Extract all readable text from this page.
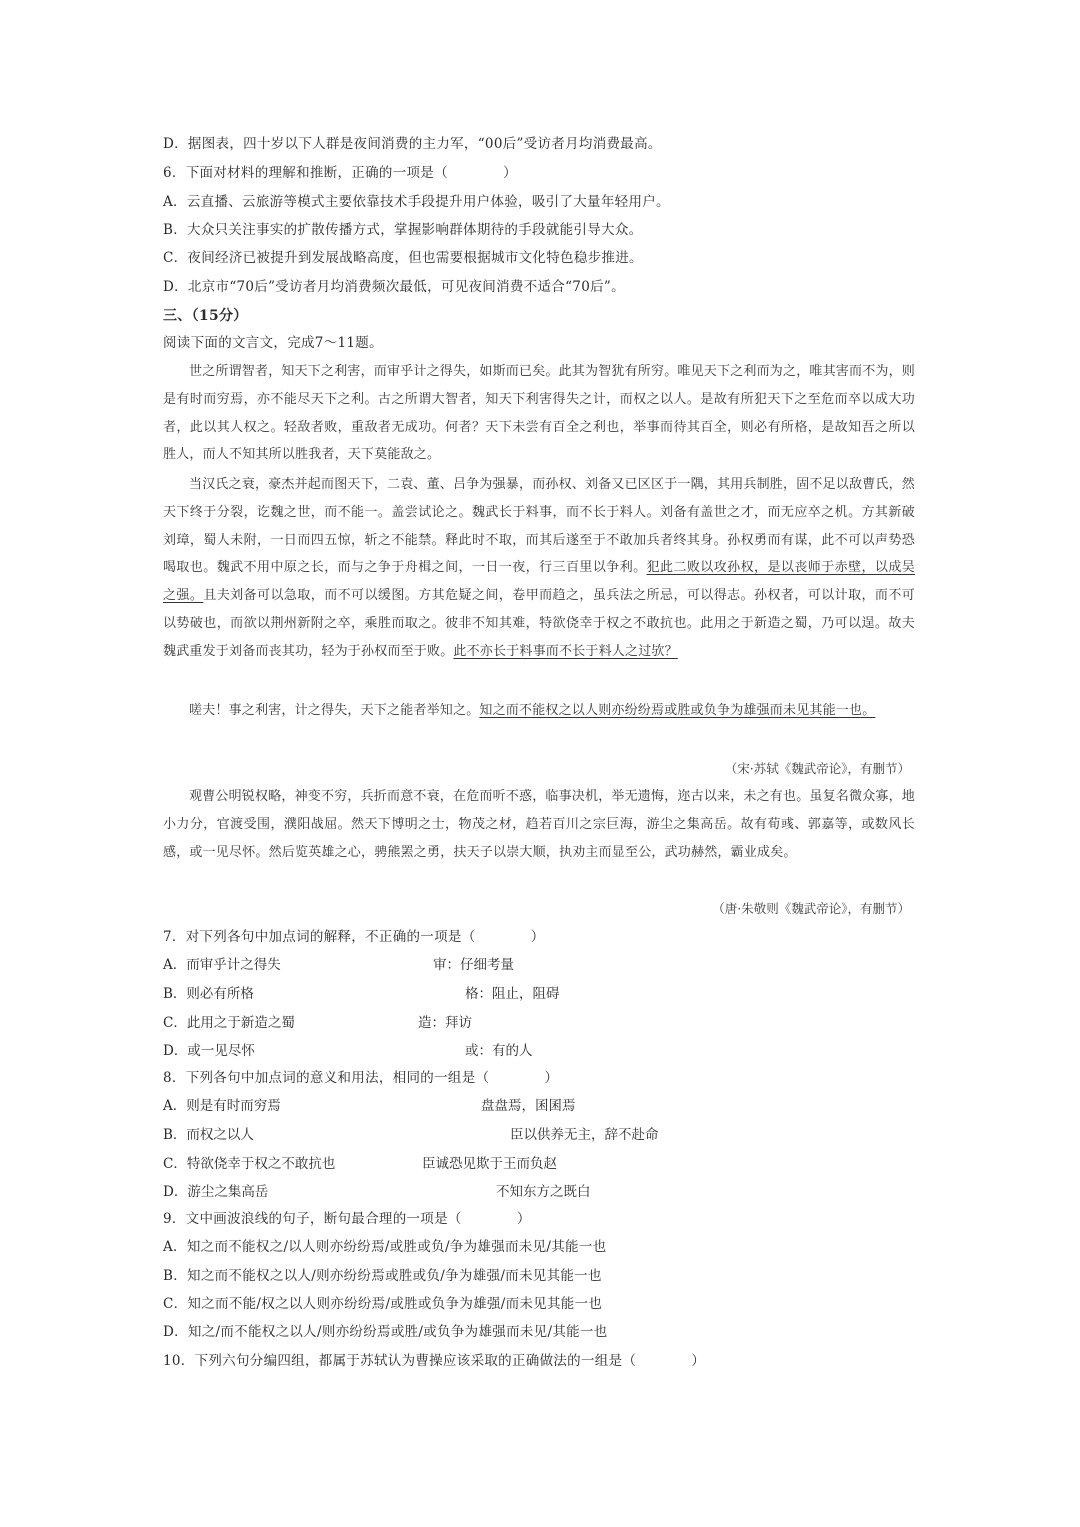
D．据图表，四十岁以下人群是夜间消费的主力军，“00后”受访者月均消费最高。
6．下面对材料的理解和推断，正确的一项是（　　　　）
A．云直播、云旅游等模式主要依靠技术手段提升用户体验，吸引了大量年轻用户。
B．大众只关注事实的扩散传播方式，掌握影响群体期待的手段就能引导大众。
C．夜间经济已被提升到发展战略高度，但也需要根据城市文化特色稳步推进。
D．北京市“70后”受访者月均消费频次最低，可见夜间消费不适合“70后”。
三、（15分）
阅读下面的文言文，完成7～11题。
世之所谓智者，知天下之利害，而审乎计之得失，如斯而已矣。此其为智犹有所穷。唯见天下之利而为之，唯其害而不为，则是有时而穷焉，亦不能尽天下之利。古之所谓大智者，知天下利害得失之计，而权之以人。是故有所犯天下之至危而卒以成大功者，此以其人权之。轻敌者败，重敌者无成功。何者？天下未尝有百全之利也，举事而待其百全，则必有所格，是故知吾之所以胜人，而人不知其所以胜我者，天下莫能敌之。
当汉氏之衰，豪杰并起而图天下，二袁、董、吕争为强暴，而孙权、刘备又已区区于一隅，其用兵制胜，固不足以敌曹氏，然天下终于分裂，讫魏之世，而不能一。盖尝试论之。魏武长于料事，而不长于料人。刘备有盖世之才，而无应卒之机。方其新破刘璋，蜀人未附，一日而四五惊，斩之不能禁。释此时不取，而其后遂至于不敢加兵者终其身。孙权勇而有谋，此不可以声势恐喝取也。魏武不用中原之长，而与之争于舟楫之间，一日一夜，行三百里以争利。犯此二败以攻孙权，是以丧师于赤壁，以成吴之强。且夫刘备可以急取，而不可以缓图。方其危疑之间，卷甲而趋之，虽兵法之所忌，可以得志。孙权者，可以计取，而不可以势破也，而欲以荆州新附之卒，乘胜而取之。彼非不知其难，特欲侥幸于权之不敢抗也。此用之于新造之蜀，乃可以逞。故夫魏武重发于刘备而丧其功，轻为于孙权而至于败。此不亦长于料事而不长于料人之过欤？
嗟夫！事之利害，计之得失，天下之能者举知之。知之而不能权之以人则亦纷纷焉或胜或负争为雄强而未见其能一也。
（宋·苏轼《魏武帝论》，有删节）
观曹公明锐权略，神变不穷，兵折而意不衰，在危而听不惑，临事决机，举无遗悔，迩古以来，未之有也。虽复名微众寡，地小力分，官渡受围，濮阳战屈。然天下博明之士，物茂之材，趋若百川之宗巨海，游尘之集高岳。故有荀彧、郭嘉等，或数风长感，或一见尽怀。然后览英雄之心，骋熊罴之勇，扶天子以崇大顺，执劝主而显至公，武功赫然，霸业成矣。
（唐·朱敬则《魏武帝论》，有删节）
7．对下列各句中加点词的解释，不正确的一项是（　　　　）
A．而审乎计之得失	审：仔细考量
B．则必有所格	格：阻止，阻碍
C．此用之于新造之蜀	造：拜访
D．或一见尽怀	或：有的人
8．下列各句中加点词的意义和用法，相同的一组是（　　　　）
A．则是有时而穷焉	盘盘焉，囷囷焉
B．而权之以人	臣以供养无主，辞不赴命
C．特欲侥幸于权之不敢抗也	臣诚恐见欺于王而负赵
D．游尘之集高岳	不知东方之既白
9．文中画波浪线的句子，断句最合理的一项是（　　　　）
A．知之而不能权之/以人则亦纷纷焉/或胜或负/争为雄强而未见/其能一也
B．知之而不能权之以人/则亦纷纷焉或胜或负/争为雄强/而未见其能一也
C．知之而不能/权之以人则亦纷纷焉/或胜或负争为雄强/而未见其能一也
D．知之/而不能权之以人/则亦纷纷焉或胜/或负争为雄强而未见/其能一也
10．下列六句分编四组，都属于苏轼认为曹操应该采取的正确做法的一组是（　　　　）
